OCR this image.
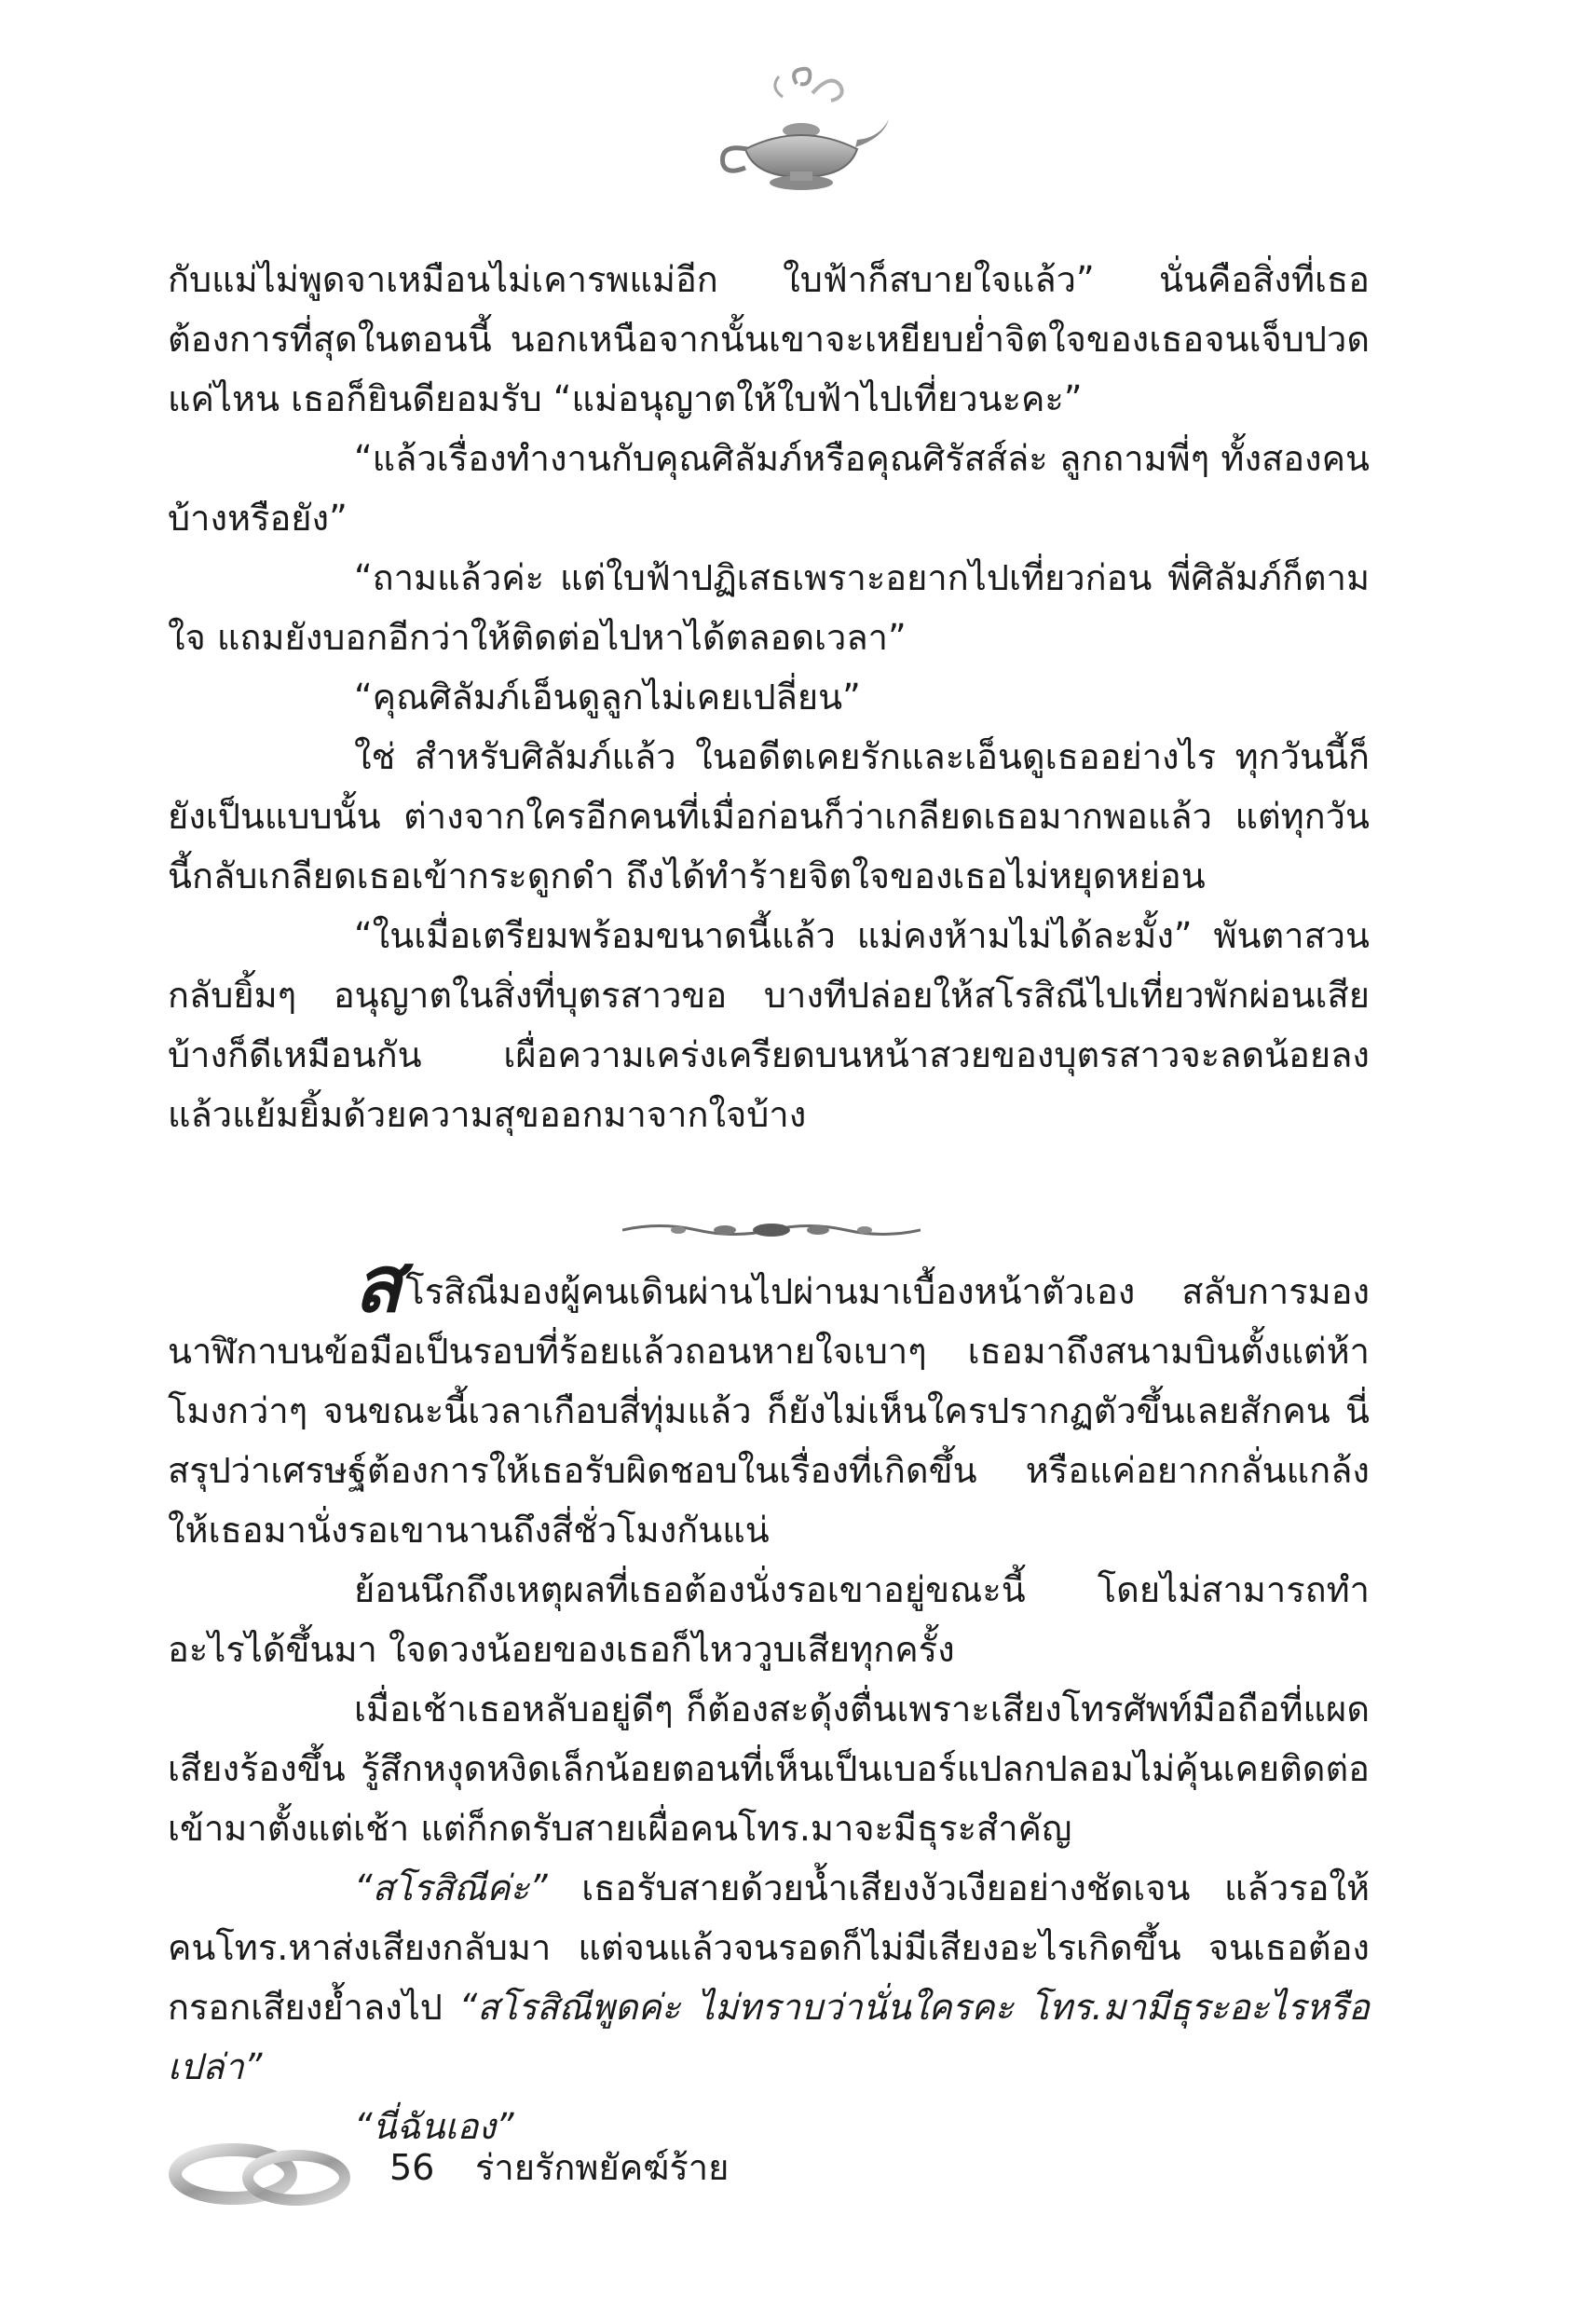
กับแม่ไม่พูดจาเหมือนไม่เคารพแม่อีก ใบฟ้าก็สบายใจแล้ว” นั่นคือสิ่งที่เธอต้องการที่สุดในตอนนี้ นอกเหนือจากนั้นเขาจะเหยียบย่ำจิตใจของเธอจนเจ็บปวดแค่ไหน เธอก็ยินดียอมรับ “แม่อนุญาตให้ใบฟ้าไปเที่ยวนะคะ”

“แล้วเรื่องทำงานกับคุณศิลัมภ์หรือคุณศิรัสส์ล่ะ ลูกถามพี่ๆ ทั้งสองคนบ้างหรือยัง”

“ถามแล้วค่ะ แต่ใบฟ้าปฏิเสธเพราะอยากไปเที่ยวก่อน พี่ศิลัมภ์ก็ตามใจ แถมยังบอกอีกว่าให้ติดต่อไปหาได้ตลอดเวลา”

“คุณศิลัมภ์เอ็นดูลูกไม่เคยเปลี่ยน”

ใช่ สำหรับศิลัมภ์แล้ว ในอดีตเคยรักและเอ็นดูเธออย่างไร ทุกวันนี้ก็ยังเป็นแบบนั้น ต่างจากใครอีกคนที่เมื่อก่อนก็ว่าเกลียดเธอมากพอแล้ว แต่ทุกวันนี้กลับเกลียดเธอเข้ากระดูกดำ ถึงได้ทำร้ายจิตใจของเธอไม่หยุดหย่อน

“ในเมื่อเตรียมพร้อมขนาดนี้แล้ว แม่คงห้ามไม่ได้ละมั้ง” พันตาสวนกลับยิ้มๆ อนุญาตในสิ่งที่บุตรสาวขอ บางทีปล่อยให้สโรสิณีไปเที่ยวพักผ่อนเสียบ้างก็ดีเหมือนกัน เผื่อความเคร่งเครียดบนหน้าสวยของบุตรสาวจะลดน้อยลง แล้วแย้มยิ้มด้วยความสุขออกมาจากใจบ้าง

สโรสิณีมองผู้คนเดินผ่านไปผ่านมาเบื้องหน้าตัวเอง สลับการมองนาฬิกาบนข้อมือเป็นรอบที่ร้อยแล้วถอนหายใจเบาๆ เธอมาถึงสนามบินตั้งแต่ห้าโมงกว่าๆ จนขณะนี้เวลาเกือบสี่ทุ่มแล้ว ก็ยังไม่เห็นใครปรากฏตัวขึ้นเลยสักคน นี่สรุปว่าเศรษฐ์ต้องการให้เธอรับผิดชอบในเรื่องที่เกิดขึ้น หรือแค่อยากกลั่นแกล้งให้เธอมานั่งรอเขานานถึงสี่ชั่วโมงกันแน่

ย้อนนึกถึงเหตุผลที่เธอต้องนั่งรอเขาอยู่ขณะนี้ โดยไม่สามารถทำอะไรได้ขึ้นมา ใจดวงน้อยของเธอก็ไหววูบเสียทุกครั้ง

เมื่อเช้าเธอหลับอยู่ดีๆ ก็ต้องสะดุ้งตื่นเพราะเสียงโทรศัพท์มือถือที่แผดเสียงร้องขึ้น รู้สึกหงุดหงิดเล็กน้อยตอนที่เห็นเป็นเบอร์แปลกปลอมไม่คุ้นเคยติดต่อเข้ามาตั้งแต่เช้า แต่ก็กดรับสายเผื่อคนโทร.มาจะมีธุระสำคัญ

“สโรสิณีค่ะ” เธอรับสายด้วยน้ำเสียงงัวเงียอย่างชัดเจน แล้วรอให้คนโทร.หาส่งเสียงกลับมา แต่จนแล้วจนรอดก็ไม่มีเสียงอะไรเกิดขึ้น จนเธอต้องกรอกเสียงย้ำลงไป “สโรสิณีพูดค่ะ ไม่ทราบว่านั่นใครคะ โทร.มามีธุระอะไรหรือเปล่า”

“นี่ฉันเอง”

56 ร่ายรักพยัคฆ์ร้าย
